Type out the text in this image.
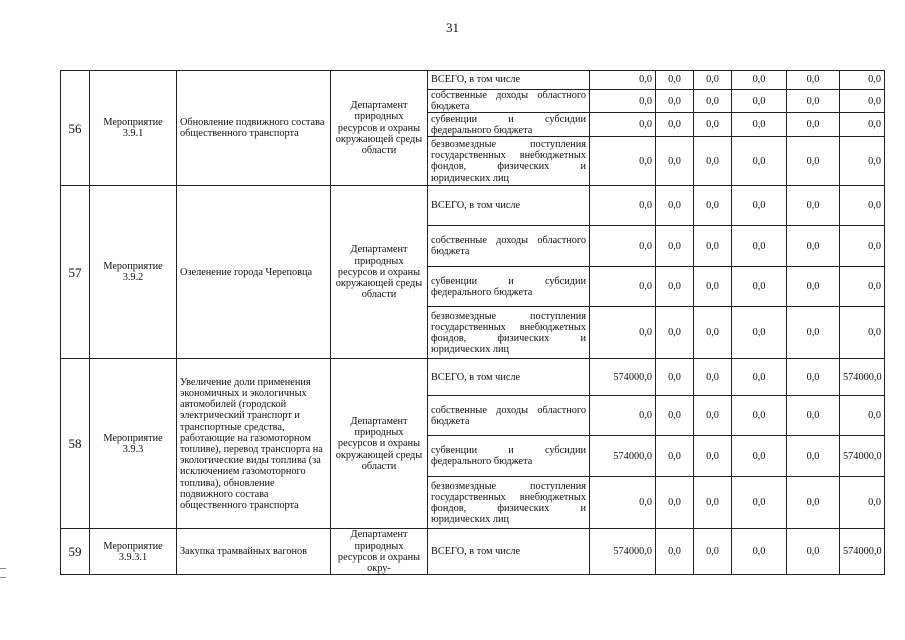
31
56	Мероприятие 3.9.1	Обновление подвижного состава общественного транспорта	Департамент природных ресурсов и охраны окружающей среды области	ВСЕГО, в том числе	0,0	0,0	0,0	0,0	0,0	0,0
				собственные доходы областного бюджета	0,0	0,0	0,0	0,0	0,0	0,0
				субвенции и субсидии федерального бюджета	0,0	0,0	0,0	0,0	0,0	0,0
				безвозмездные поступления государственных внебюджетных фондов, физических и юридических лиц	0,0	0,0	0,0	0,0	0,0	0,0
57	Мероприятие 3.9.2	Озеленение города Череповца	Департамент природных ресурсов и охраны окружающей среды области	ВСЕГО, в том числе	0,0	0,0	0,0	0,0	0,0	0,0
				собственные доходы областного бюджета	0,0	0,0	0,0	0,0	0,0	0,0
				субвенции и субсидии федерального бюджета	0,0	0,0	0,0	0,0	0,0	0,0
				безвозмездные поступления государственных внебюджетных фондов, физических и юридических лиц	0,0	0,0	0,0	0,0	0,0	0,0
58	Мероприятие 3.9.3	Увеличение доли применения экономичных и экологичных автомобилей (городской электрический транспорт и транспортные средства, работающие на газомоторном топливе), перевод транспорта на экологические виды топлива (за исключением газомоторного топлива), обновление подвижного состава общественного транспорта	Департамент природных ресурсов и охраны окружающей среды области	ВСЕГО, в том числе	574000,0	0,0	0,0	0,0	0,0	574000,0
				собственные доходы областного бюджета	0,0	0,0	0,0	0,0	0,0	0,0
				субвенции и субсидии федерального бюджета	574000,0	0,0	0,0	0,0	0,0	574000,0
				безвозмездные поступления государственных внебюджетных фондов, физических и юридических лиц	0,0	0,0	0,0	0,0	0,0	0,0
59	Мероприятие 3.9.3.1	Закупка трамвайных вагонов	Департамент природных ресурсов и охраны окру-	ВСЕГО, в том числе	574000,0	0,0	0,0	0,0	0,0	574000,0
